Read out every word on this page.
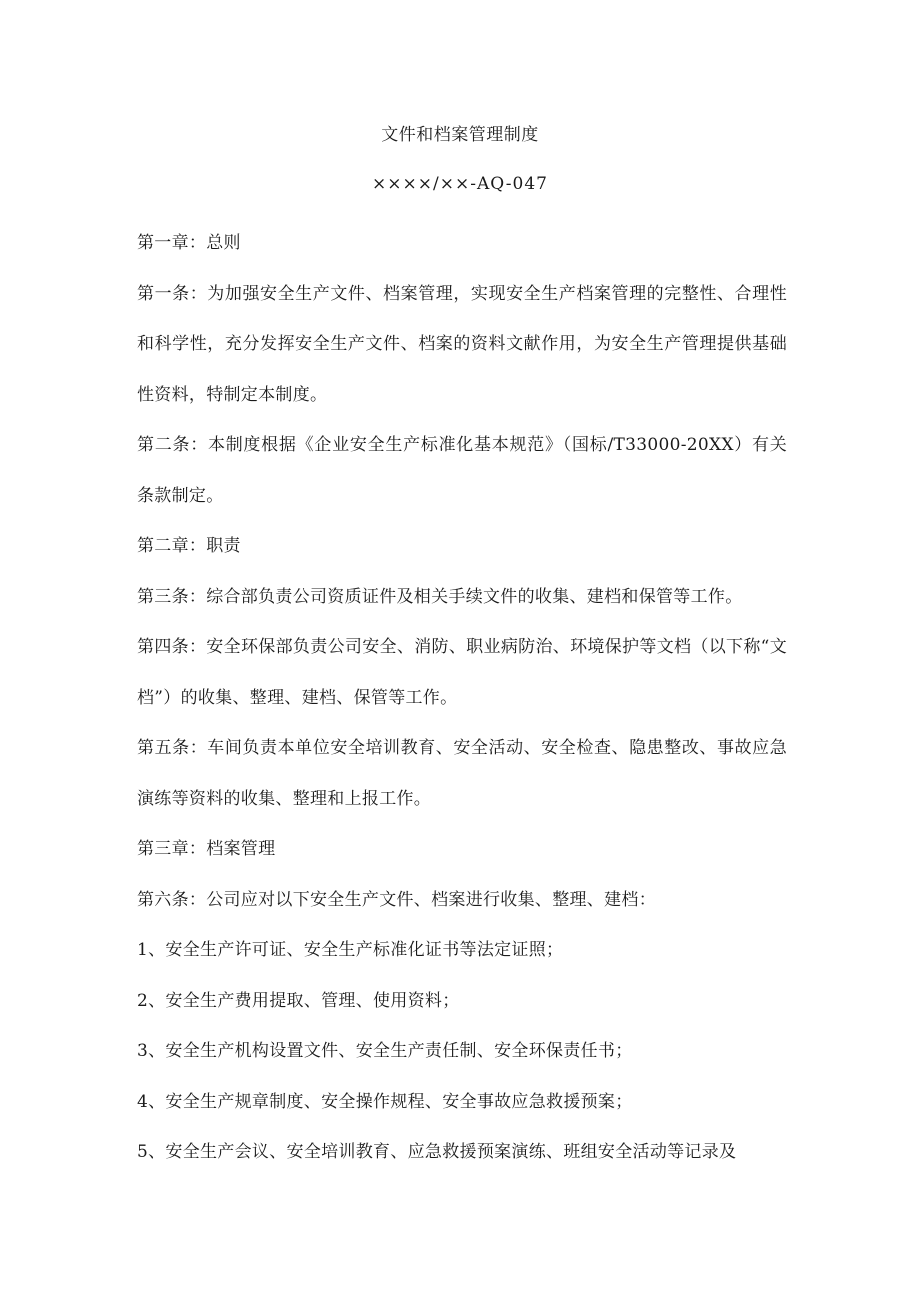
文件和档案管理制度
××××/××-AQ-047

第一章：总则

第一条：为加强安全生产文件、档案管理，实现安全生产档案管理的完整性、合理性和科学性，充分发挥安全生产文件、档案的资料文献作用，为安全生产管理提供基础性资料，特制定本制度。

第二条：本制度根据《企业安全生产标准化基本规范》（国标/T33000-20XX）有关条款制定。

第二章：职责

第三条：综合部负责公司资质证件及相关手续文件的收集、建档和保管等工作。

第四条：安全环保部负责公司安全、消防、职业病防治、环境保护等文档（以下称“文档”）的收集、整理、建档、保管等工作。

第五条：车间负责本单位安全培训教育、安全活动、安全检查、隐患整改、事故应急演练等资料的收集、整理和上报工作。

第三章：档案管理

第六条：公司应对以下安全生产文件、档案进行收集、整理、建档：

1、安全生产许可证、安全生产标准化证书等法定证照；

2、安全生产费用提取、管理、使用资料；

3、安全生产机构设置文件、安全生产责任制、安全环保责任书；

4、安全生产规章制度、安全操作规程、安全事故应急救援预案；

5、安全生产会议、安全培训教育、应急救援预案演练、班组安全活动等记录及
